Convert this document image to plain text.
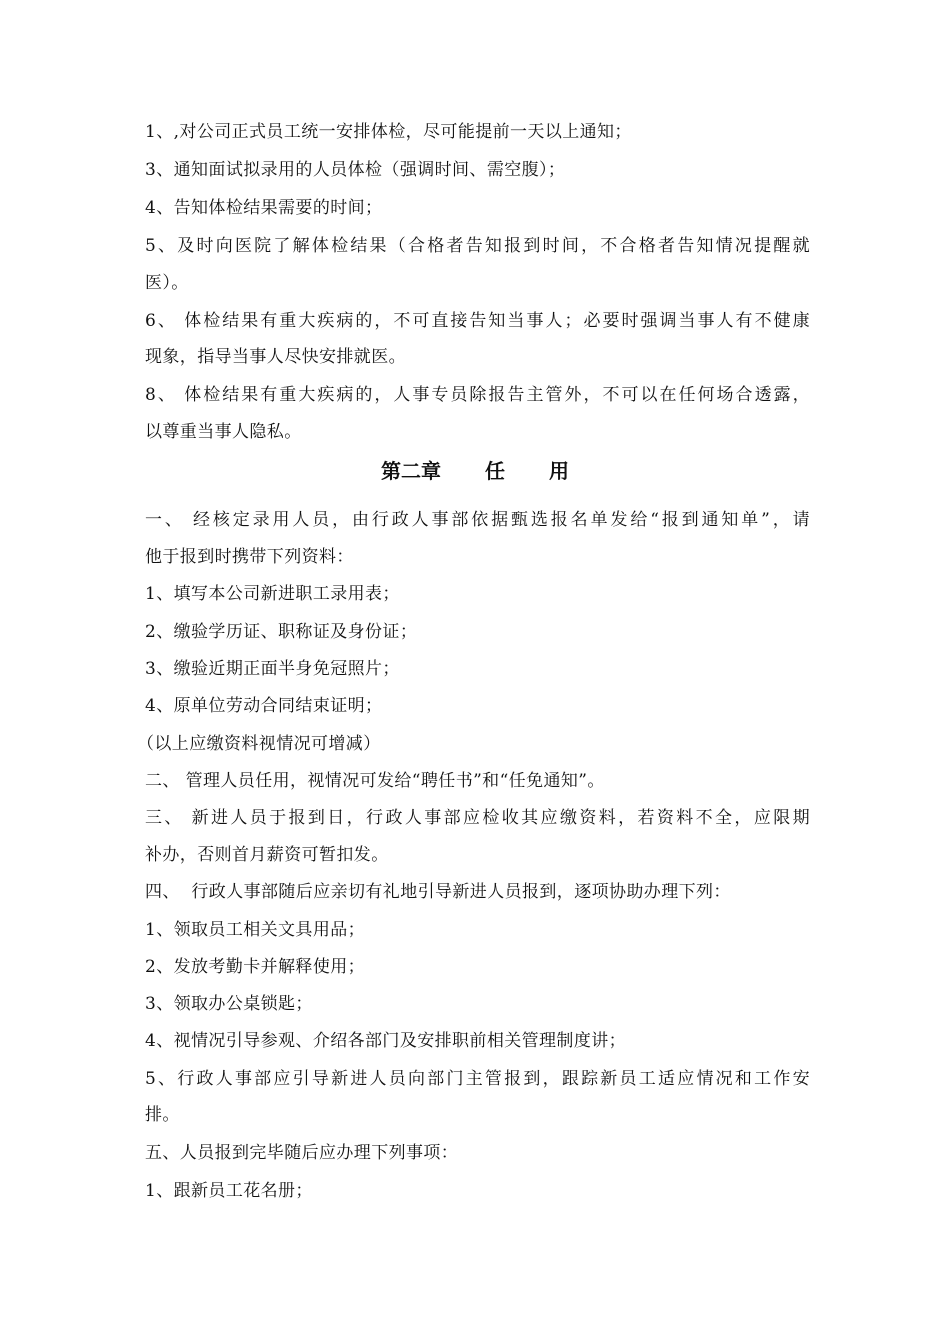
1、,对公司正式员工统一安排体检，尽可能提前一天以上通知；

3、通知面试拟录用的人员体检（强调时间、需空腹）；

4、告知体检结果需要的时间；

5、及时向医院了解体检结果（合格者告知报到时间，不合格者告知情况提醒就

医）。

6、 体检结果有重大疾病的，不可直接告知当事人；必要时强调当事人有不健康

现象，指导当事人尽快安排就医。

8、 体检结果有重大疾病的，人事专员除报告主管外，不可以在任何场合透露，

以尊重当事人隐私。

第二章 任 用

一、 经核定录用人员，由行政人事部依据甄选报名单发给“报到通知单”，请

他于报到时携带下列资料：

1、填写本公司新进职工录用表；

2、缴验学历证、职称证及身份证；

3、缴验近期正面半身免冠照片；

4、原单位劳动合同结束证明；

（以上应缴资料视情况可增减）

二、 管理人员任用，视情况可发给“聘任书”和“任免通知”。

三、 新进人员于报到日，行政人事部应检收其应缴资料，若资料不全，应限期

补办，否则首月薪资可暂扣发。

四、  行政人事部随后应亲切有礼地引导新进人员报到，逐项协助办理下列：

1、领取员工相关文具用品；

2、发放考勤卡并解释使用；

3、领取办公桌锁匙；

4、视情况引导参观、介绍各部门及安排职前相关管理制度讲；

5、行政人事部应引导新进人员向部门主管报到，跟踪新员工适应情况和工作安

排。

五、人员报到完毕随后应办理下列事项：

1、跟新员工花名册；
